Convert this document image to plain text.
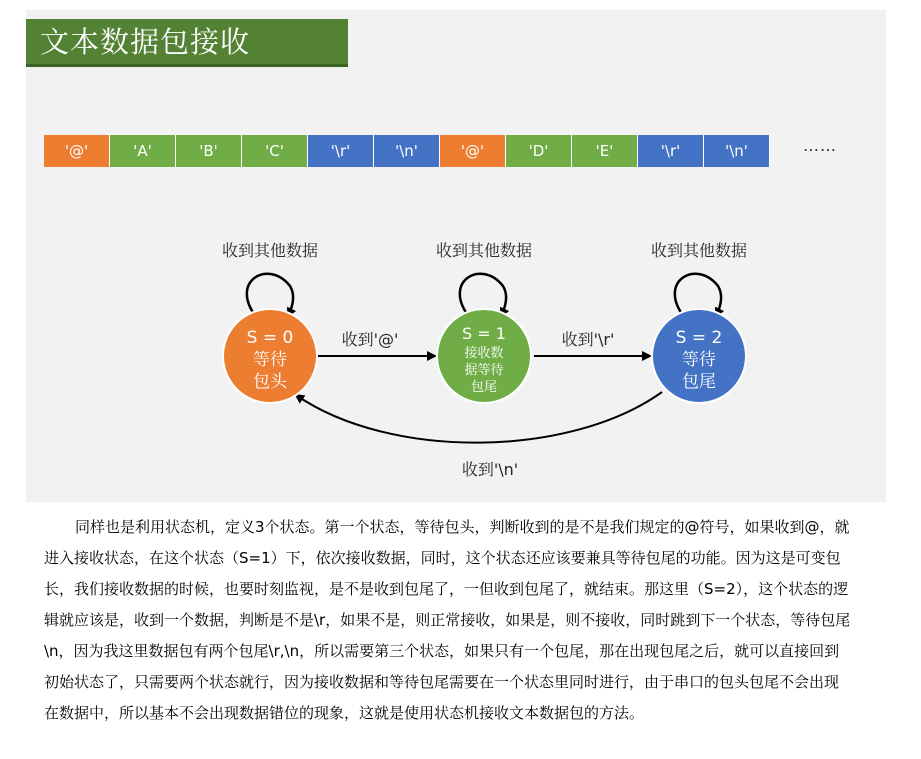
文本数据包接收
'@'	'A'	'B'	'C'	'\r'	'\n'	'@'	'D'	'E'	'\r'	'\n'	……
S = 0
等待
包头
S = 1
接收数
据等待
包尾
S = 2
等待
包尾
收到其他数据	收到其他数据	收到其他数据
收到'@'	收到'\r'
收到'\n'

同样也是利用状态机，定义3个状态。第一个状态，等待包头，判断收到的是不是我们规定的@符号，如果收到@，就进入接收状态，在这个状态（S=1）下，依次接收数据，同时，这个状态还应该要兼具等待包尾的功能。因为这是可变包长，我们接收数据的时候，也要时刻监视，是不是收到包尾了，一但收到包尾了，就结束。那这里（S=2），这个状态的逻辑就应该是，收到一个数据，判断是不是\r，如果不是，则正常接收，如果是，则不接收，同时跳到下一个状态，等待包尾\n，因为我这里数据包有两个包尾\r,\n，所以需要第三个状态，如果只有一个包尾，那在出现包尾之后，就可以直接回到初始状态了，只需要两个状态就行，因为接收数据和等待包尾需要在一个状态里同时进行，由于串口的包头包尾不会出现在数据中，所以基本不会出现数据错位的现象，这就是使用状态机接收文本数据包的方法。
